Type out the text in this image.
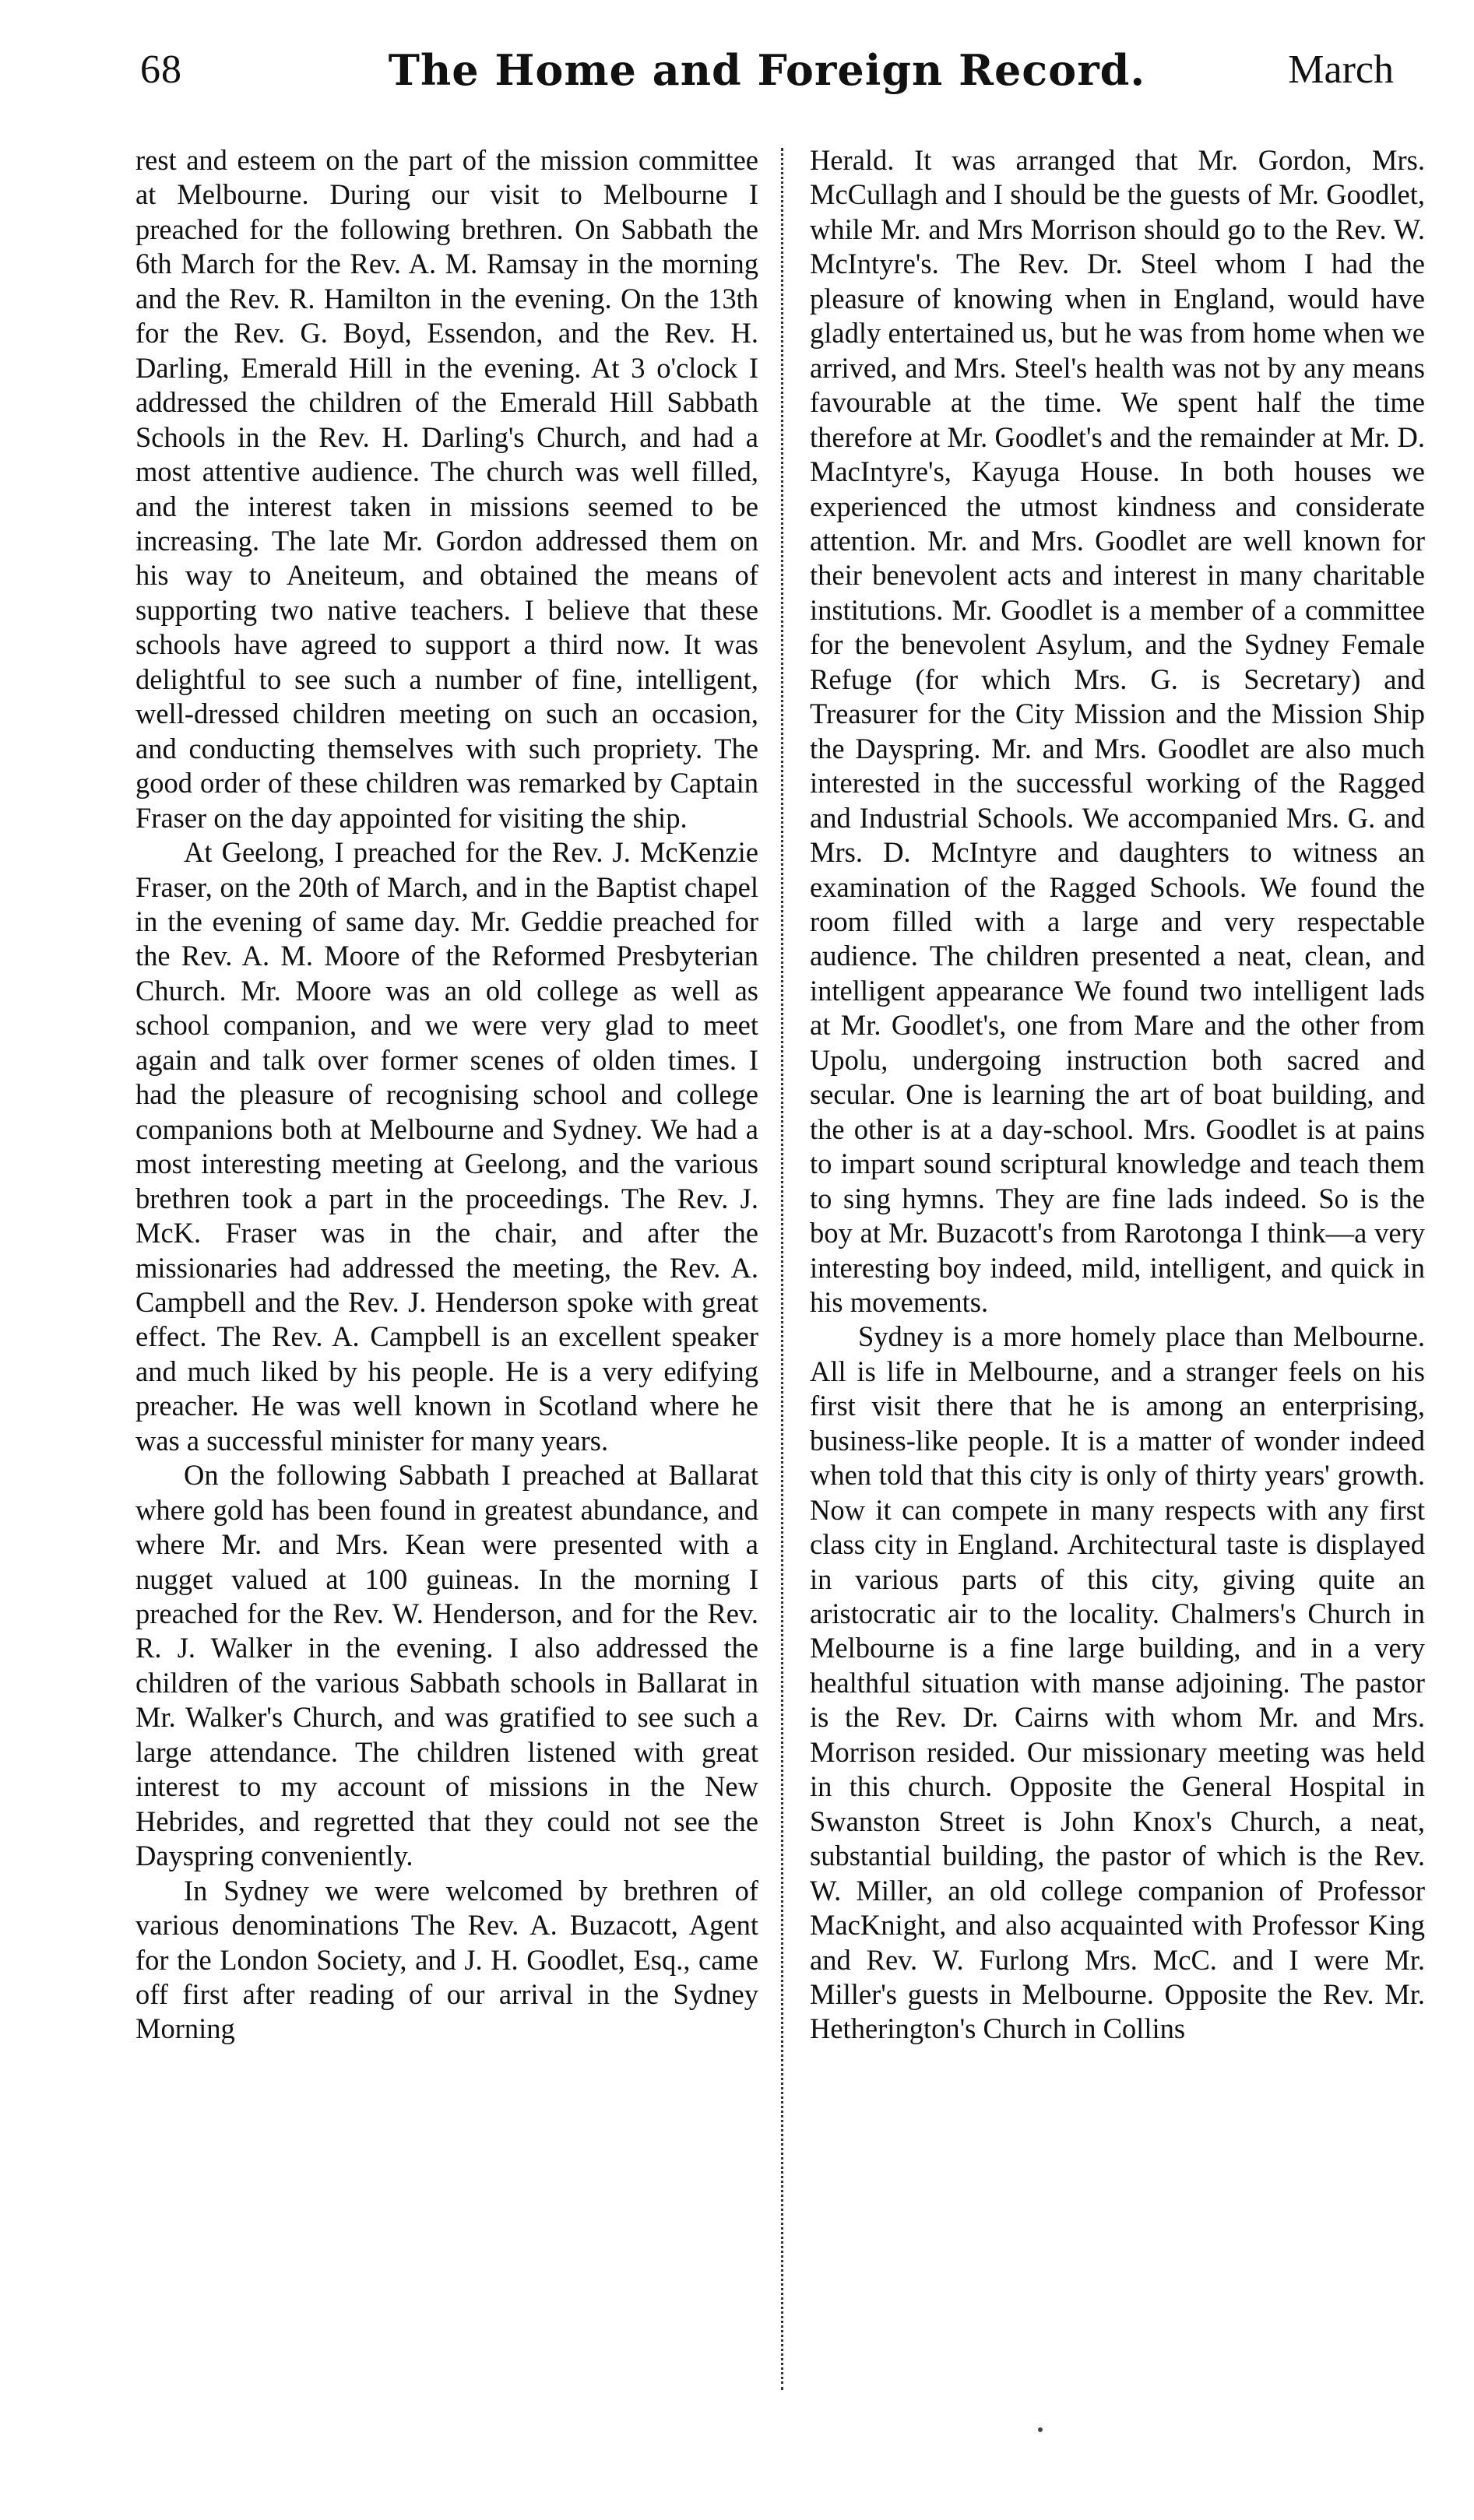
68	The Home and Foreign Record.	March

rest and esteem on the part of the mission committee at Melbourne. During our visit to Melbourne I preached for the following brethren. On Sabbath the 6th March for the Rev. A. M. Ramsay in the morning and the Rev. R. Hamilton in the evening. On the 13th for the Rev. G. Boyd, Essendon, and the Rev. H. Darling, Emerald Hill in the evening. At 3 o'clock I addressed the children of the Emerald Hill Sabbath Schools in the Rev. H. Darling's Church, and had a most attentive audience. The church was well filled, and the interest taken in missions seemed to be increasing. The late Mr. Gordon addressed them on his way to Aneiteum, and obtained the means of supporting two native teachers. I believe that these schools have agreed to support a third now. It was delightful to see such a number of fine, intelligent, well-dressed children meeting on such an occasion, and conducting themselves with such propriety. The good order of these children was remarked by Captain Fraser on the day appointed for visiting the ship.

At Geelong, I preached for the Rev. J. McKenzie Fraser, on the 20th of March, and in the Baptist chapel in the evening of same day. Mr. Geddie preached for the Rev. A. M. Moore of the Reformed Presbyterian Church. Mr. Moore was an old college as well as school companion, and we were very glad to meet again and talk over former scenes of olden times. I had the pleasure of recognising school and college companions both at Melbourne and Sydney. We had a most interesting meeting at Geelong, and the various brethren took a part in the proceedings. The Rev. J. McK. Fraser was in the chair, and after the missionaries had addressed the meeting, the Rev. A. Campbell and the Rev. J. Henderson spoke with great effect. The Rev. A. Campbell is an excellent speaker and much liked by his people. He is a very edifying preacher. He was well known in Scotland where he was a successful minister for many years.

On the following Sabbath I preached at Ballarat where gold has been found in greatest abundance, and where Mr. and Mrs. Kean were presented with a nugget valued at 100 guineas. In the morning I preached for the Rev. W. Henderson, and for the Rev. R. J. Walker in the evening. I also addressed the children of the various Sabbath schools in Ballarat in Mr. Walker's Church, and was gratified to see such a large attendance. The children listened with great interest to my account of missions in the New Hebrides, and regretted that they could not see the Dayspring conveniently.

In Sydney we were welcomed by brethren of various denominations The Rev. A. Buzacott, Agent for the London Society, and J. H. Goodlet, Esq., came off first after reading of our arrival in the Sydney Morning

Herald. It was arranged that Mr. Gordon, Mrs. McCullagh and I should be the guests of Mr. Goodlet, while Mr. and Mrs Morrison should go to the Rev. W. McIntyre's. The Rev. Dr. Steel whom I had the pleasure of knowing when in England, would have gladly entertained us, but he was from home when we arrived, and Mrs. Steel's health was not by any means favourable at the time. We spent half the time therefore at Mr. Goodlet's and the remainder at Mr. D. MacIntyre's, Kayuga House. In both houses we experienced the utmost kindness and considerate attention. Mr. and Mrs. Goodlet are well known for their benevolent acts and interest in many charitable institutions. Mr. Goodlet is a member of a committee for the benevolent Asylum, and the Sydney Female Refuge (for which Mrs. G. is Secretary) and Treasurer for the City Mission and the Mission Ship the Dayspring. Mr. and Mrs. Goodlet are also much interested in the successful working of the Ragged and Industrial Schools. We accompanied Mrs. G. and Mrs. D. McIntyre and daughters to witness an examination of the Ragged Schools. We found the room filled with a large and very respectable audience. The children presented a neat, clean, and intelligent appearance We found two intelligent lads at Mr. Goodlet's, one from Mare and the other from Upolu, undergoing instruction both sacred and secular. One is learning the art of boat building, and the other is at a day-school. Mrs. Goodlet is at pains to impart sound scriptural knowledge and teach them to sing hymns. They are fine lads indeed. So is the boy at Mr. Buzacott's from Rarotonga I think—a very interesting boy indeed, mild, intelligent, and quick in his movements.

Sydney is a more homely place than Melbourne. All is life in Melbourne, and a stranger feels on his first visit there that he is among an enterprising, business-like people. It is a matter of wonder indeed when told that this city is only of thirty years' growth. Now it can compete in many respects with any first class city in England. Architectural taste is displayed in various parts of this city, giving quite an aristocratic air to the locality. Chalmers's Church in Melbourne is a fine large building, and in a very healthful situation with manse adjoining. The pastor is the Rev. Dr. Cairns with whom Mr. and Mrs. Morrison resided. Our missionary meeting was held in this church. Opposite the General Hospital in Swanston Street is John Knox's Church, a neat, substantial building, the pastor of which is the Rev. W. Miller, an old college companion of Professor MacKnight, and also acquainted with Professor King and Rev. W. Furlong Mrs. McC. and I were Mr. Miller's guests in Melbourne. Opposite the Rev. Mr. Hetherington's Church in Collins
